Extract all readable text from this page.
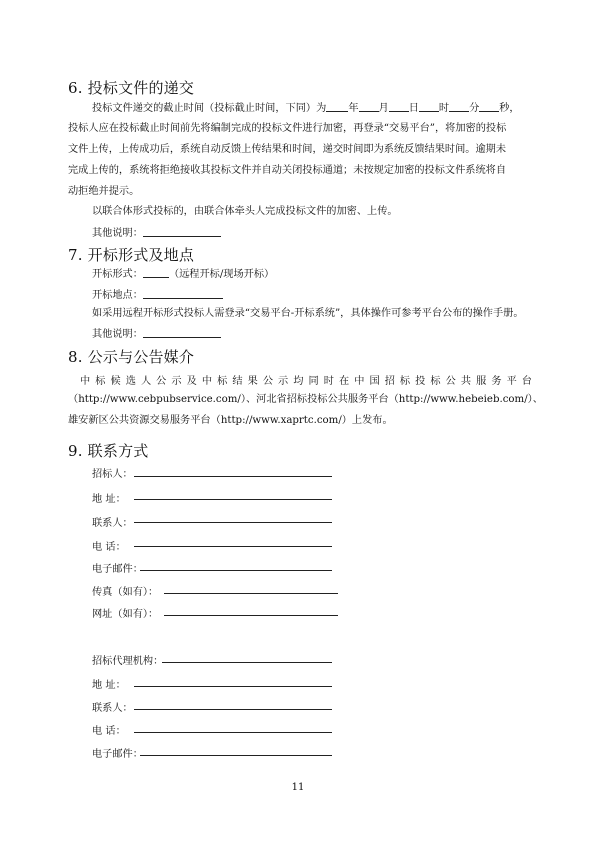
6. 投标文件的递交
投标文件递交的截止时间（投标截止时间，下同）为 年 月 日 时 分 秒，
投标人应在投标截止时间前先将编制完成的投标文件进行加密，再登录“交易平台”，将加密的投标
文件上传，上传成功后，系统自动反馈上传结果和时间，递交时间即为系统反馈结果时间。逾期未
完成上传的，系统将拒绝接收其投标文件并自动关闭投标通道；未按规定加密的投标文件系统将自
动拒绝并提示。
以联合体形式投标的，由联合体牵头人完成投标文件的加密、上传。
其他说明：
7. 开标形式及地点
开标形式：	（远程开标/现场开标）
开标地点：
如采用远程开标形式投标人需登录“交易平台-开标系统”，具体操作可参考平台公布的操作手册。
其他说明：
8. 公示与公告媒介
中 标 候 选 人 公 示 及 中 标 结 果 公 示 均 同 时 在 中 国 招 标 投 标 公 共 服 务 平 台
（http://www.cebpubservice.com/）、河北省招标投标公共服务平台（http://www.hebeieb.com/）、
雄安新区公共资源交易服务平台（http://www.xaprtc.com/）上发布。
9. 联系方式
招标人：
地 址：
联系人：
电 话：
电子邮件：
传真（如有）：
网址（如有）：
招标代理机构：
地 址：
联系人：
电 话：
电子邮件：
11
